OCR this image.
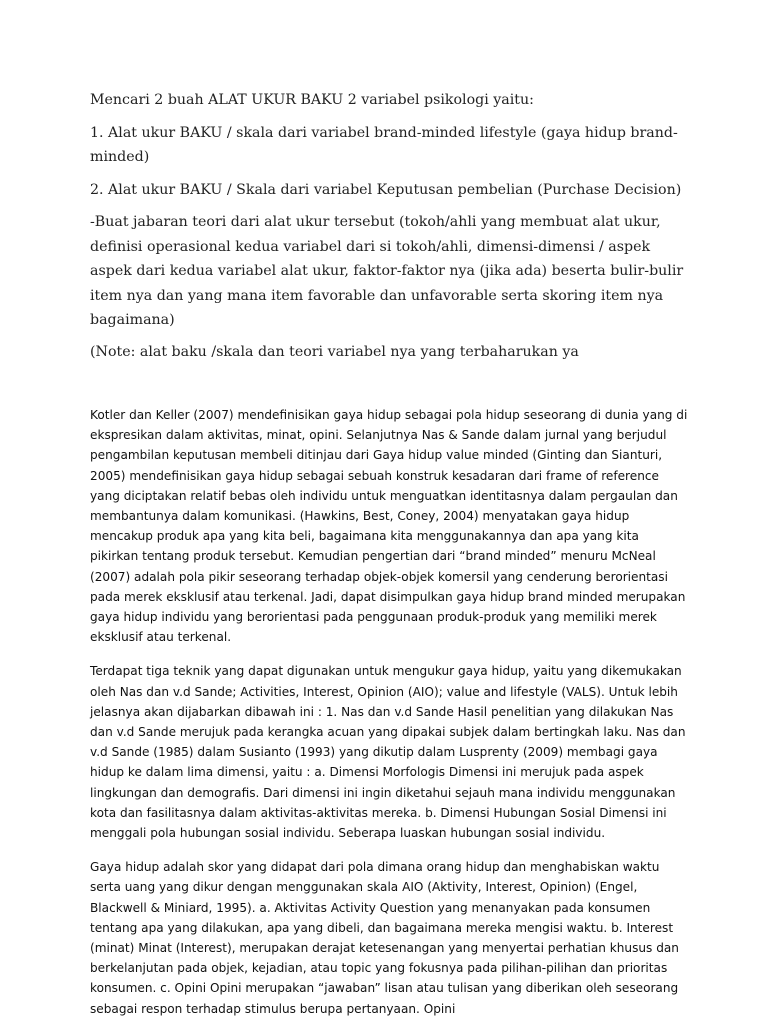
Mencari 2 buah ALAT UKUR BAKU 2 variabel psikologi yaitu:

1. Alat ukur BAKU / skala dari variabel brand-minded lifestyle (gaya hidup brand-minded)

2. Alat ukur BAKU / Skala dari variabel Keputusan pembelian (Purchase Decision)

-Buat jabaran teori dari alat ukur tersebut (tokoh/ahli yang membuat alat ukur, definisi operasional kedua variabel dari si tokoh/ahli, dimensi-dimensi / aspek aspek dari kedua variabel alat ukur, faktor-faktor nya (jika ada) beserta bulir-bulir item nya dan yang mana item favorable dan unfavorable serta skoring item nya bagaimana)

(Note: alat baku /skala dan teori variabel nya yang terbaharukan ya

Kotler dan Keller (2007) mendefinisikan gaya hidup sebagai pola hidup seseorang di dunia yang di ekspresikan dalam aktivitas, minat, opini. Selanjutnya Nas & Sande dalam jurnal yang berjudul pengambilan keputusan membeli ditinjau dari Gaya hidup value minded (Ginting dan Sianturi, 2005) mendefinisikan gaya hidup sebagai sebuah konstruk kesadaran dari frame of reference yang diciptakan relatif bebas oleh individu untuk menguatkan identitasnya dalam pergaulan dan membantunya dalam komunikasi. (Hawkins, Best, Coney, 2004) menyatakan gaya hidup mencakup produk apa yang kita beli, bagaimana kita menggunakannya dan apa yang kita pikirkan tentang produk tersebut. Kemudian pengertian dari “brand minded” menuru McNeal (2007) adalah pola pikir seseorang terhadap objek-objek komersil yang cenderung berorientasi pada merek eksklusif atau terkenal. Jadi, dapat disimpulkan gaya hidup brand minded merupakan gaya hidup individu yang berorientasi pada penggunaan produk-produk yang memiliki merek eksklusif atau terkenal.

Terdapat tiga teknik yang dapat digunakan untuk mengukur gaya hidup, yaitu yang dikemukakan oleh Nas dan v.d Sande; Activities, Interest, Opinion (AIO); value and lifestyle (VALS). Untuk lebih jelasnya akan dijabarkan dibawah ini : 1. Nas dan v.d Sande Hasil penelitian yang dilakukan Nas dan v.d Sande merujuk pada kerangka acuan yang dipakai subjek dalam bertingkah laku. Nas dan v.d Sande (1985) dalam Susianto (1993) yang dikutip dalam Lusprenty (2009) membagi gaya hidup ke dalam lima dimensi, yaitu : a. Dimensi Morfologis Dimensi ini merujuk pada aspek lingkungan dan demografis. Dari dimensi ini ingin diketahui sejauh mana individu menggunakan kota dan fasilitasnya dalam aktivitas-aktivitas mereka. b. Dimensi Hubungan Sosial Dimensi ini menggali pola hubungan sosial individu. Seberapa luaskan hubungan sosial individu.

Gaya hidup adalah skor yang didapat dari pola dimana orang hidup dan menghabiskan waktu serta uang yang dikur dengan menggunakan skala AIO (Aktivity, Interest, Opinion) (Engel, Blackwell & Miniard, 1995). a. Aktivitas Activity Question yang menanyakan pada konsumen tentang apa yang dilakukan, apa yang dibeli, dan bagaimana mereka mengisi waktu. b. Interest (minat) Minat (Interest), merupakan derajat ketesenangan yang menyertai perhatian khusus dan berkelanjutan pada objek, kejadian, atau topic yang fokusnya pada pilihan-pilihan dan prioritas konsumen. c. Opini Opini merupakan “jawaban” lisan atau tulisan yang diberikan oleh seseorang sebagai respon terhadap stimulus berupa pertanyaan. Opini
